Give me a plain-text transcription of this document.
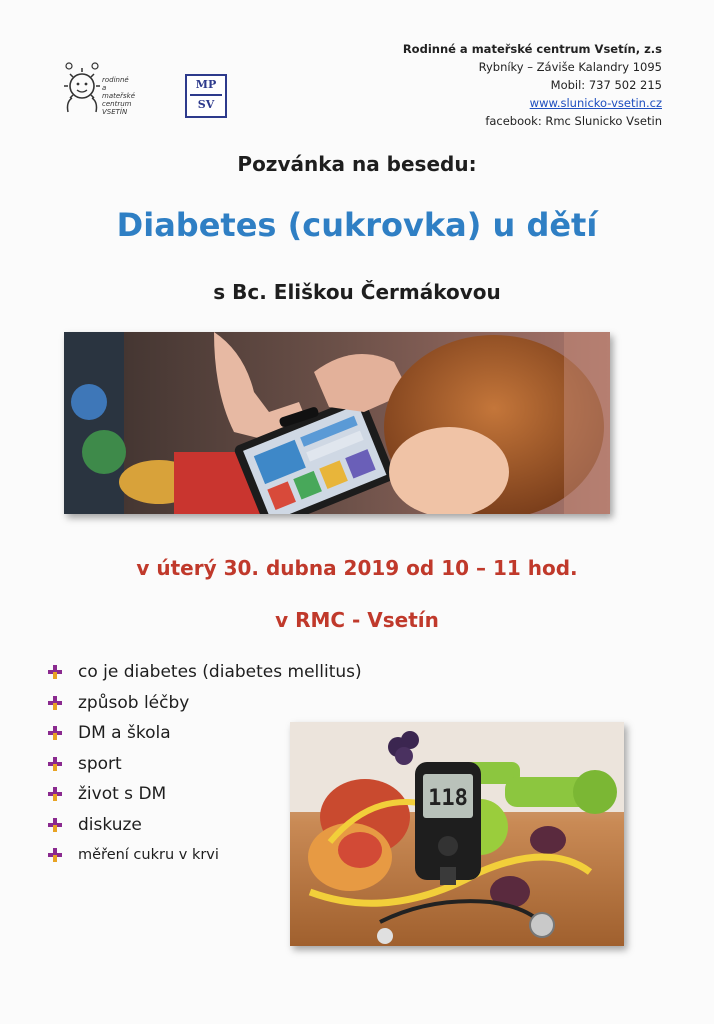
rodinné
a
mateřské
centrum
VSETÍN
MP
SV
Rodinné a mateřské centrum Vsetín, z.s
Rybníky – Záviše Kalandry 1095
Mobil: 737 502 215
www.slunicko-vsetin.cz
facebook: Rmc Slunicko Vsetin
Pozvánka na besedu:
Diabetes (cukrovka) u dětí
s Bc. Eliškou Čermákovou
v úterý 30. dubna 2019 od 10 – 11 hod.
v RMC - Vsetín
co je diabetes (diabetes mellitus)
způsob léčby
DM a škola
sport
život s DM
diskuze
měření cukru v krvi
118
